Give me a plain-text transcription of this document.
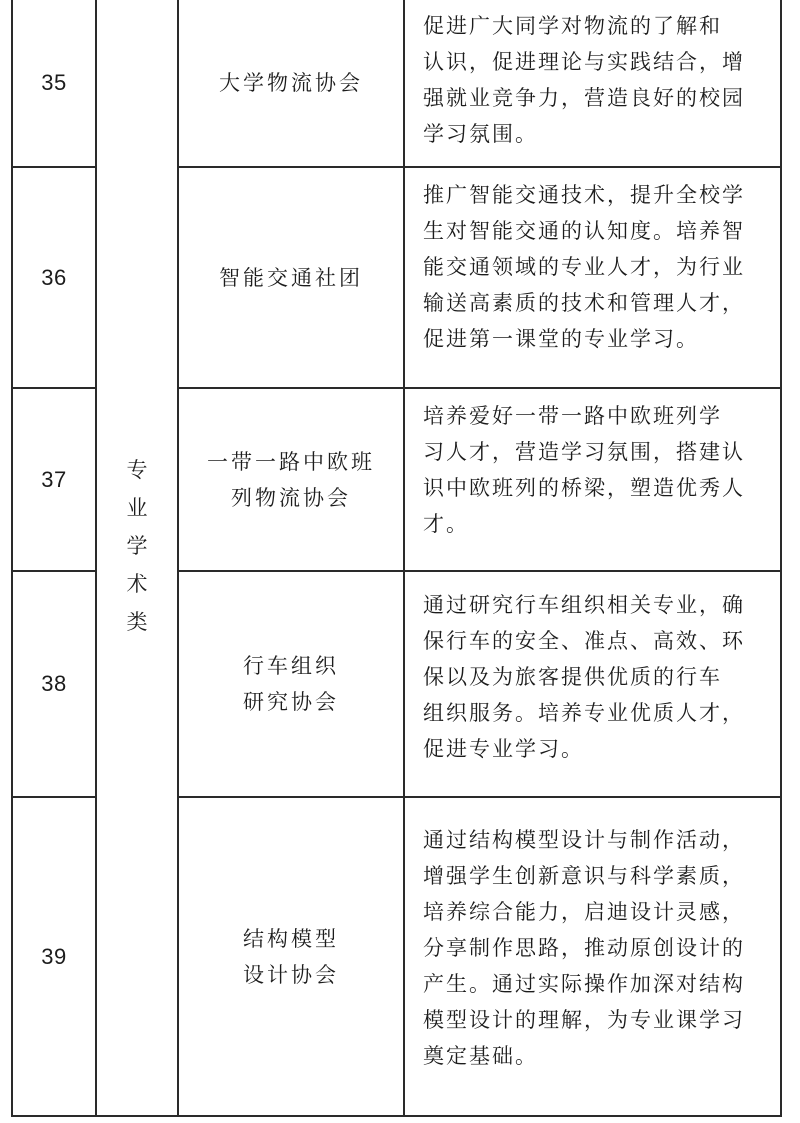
专
业
学
术
类
35	大学物流协会
促进广大同学对物流的了解和
认识，促进理论与实践结合，增
强就业竞争力，营造良好的校园
学习氛围。
36	智能交通社团
推广智能交通技术，提升全校学
生对智能交通的认知度。培养智
能交通领域的专业人才，为行业
输送高素质的技术和管理人才，
促进第一课堂的专业学习。
37
一带一路中欧班
列物流协会
培养爱好一带一路中欧班列学
习人才，营造学习氛围，搭建认
识中欧班列的桥梁，塑造优秀人
才。
38
行车组织
研究协会
通过研究行车组织相关专业，确
保行车的安全、准点、高效、环
保以及为旅客提供优质的行车
组织服务。培养专业优质人才，
促进专业学习。
39
结构模型
设计协会
通过结构模型设计与制作活动，
增强学生创新意识与科学素质，
培养综合能力，启迪设计灵感，
分享制作思路，推动原创设计的
产生。通过实际操作加深对结构
模型设计的理解，为专业课学习
奠定基础。
